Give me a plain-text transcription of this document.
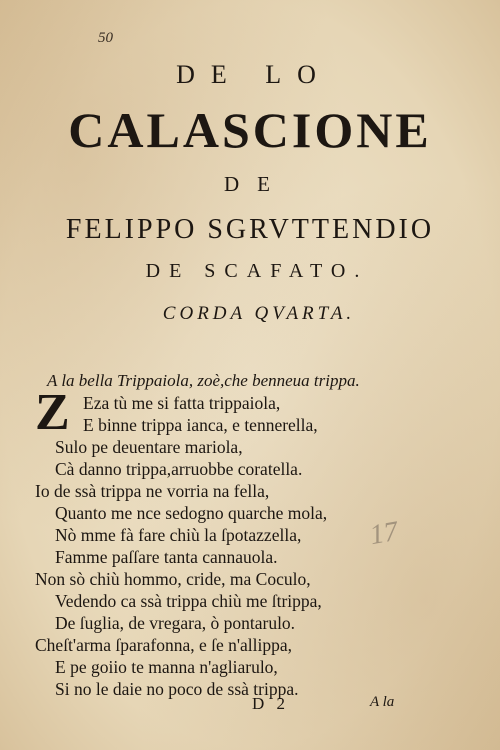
50
DE LO
CALASCIONE
DE
FELIPPO SGRVTTENDIO
DE SCAFATO.
CORDA QVARTA.
A la bella Trippaiola, zoè,che benneua trippa.
Z Eza tù me si fatta trippaiola,
E binne trippa ianca, e tennerella,
Sulo pe deuentare mariola,
Cà danno trippa,arruobbe coratella.
Io de ssà trippa ne vorria na fella,
Quanto me nce sedogno quarche mola,
Nò mme fà fare chiù la ſpotazzella,
Famme paſſare tanta cannauola.
Non sò chiù hommo, cride, ma Coculo,
Vedendo ca ssà trippa chiù me ſtrippa,
De ſuglia, de vregara, ò pontarulo.
Cheſt'arma ſparafonna, e ſe n'allippa,
E pe goiio te manna n'agliarulo,
Si no le daie no poco de ssà trippa.
17
D 2	A la
